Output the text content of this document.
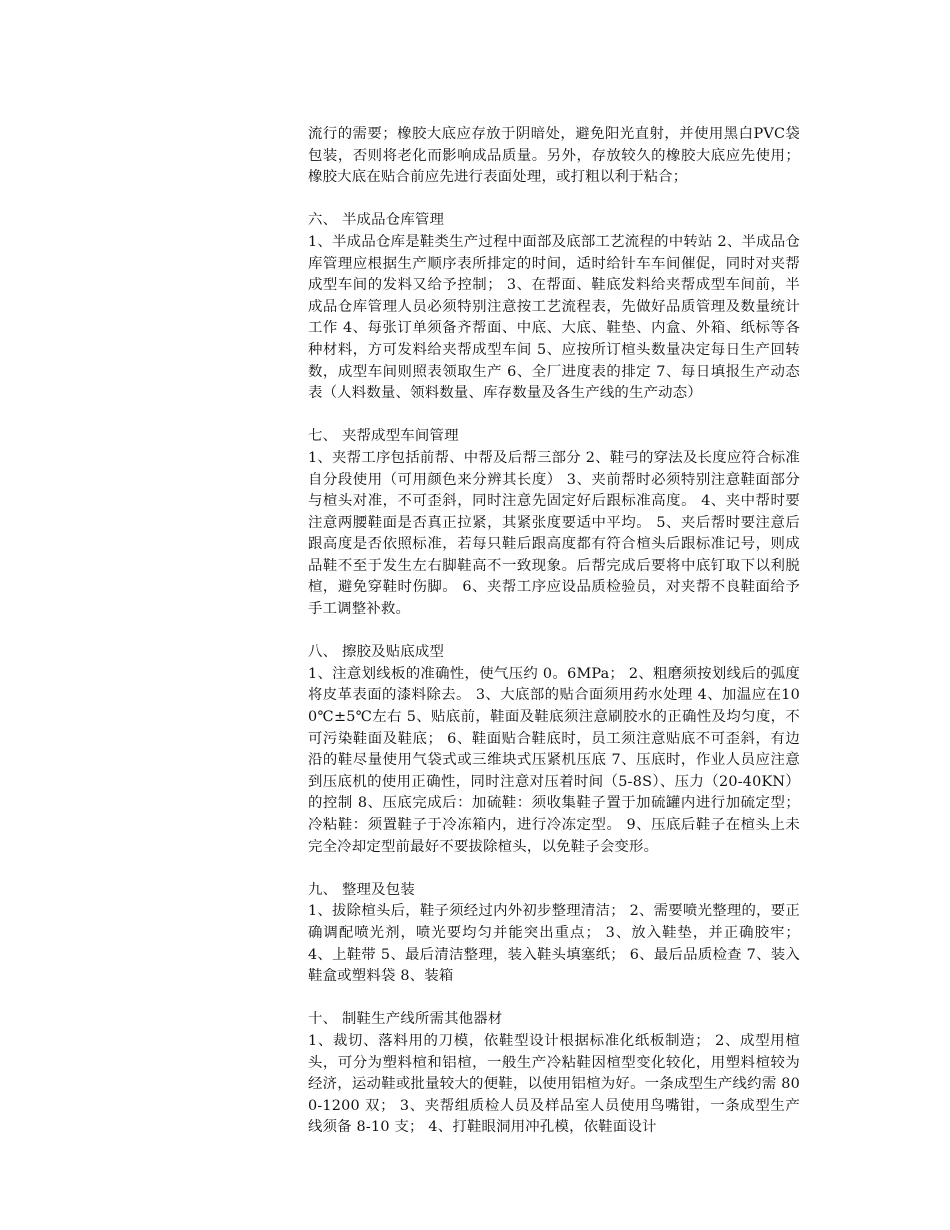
流行的需要；橡胶大底应存放于阴暗处，避免阳光直射，并使用黑白PVC袋包装，否则将老化而影响成品质量。另外，存放较久的橡胶大底应先使用；橡胶大底在贴合前应先进行表面处理，或打粗以利于粘合；

六、 半成品仓库管理

1、半成品仓库是鞋类生产过程中面部及底部工艺流程的中转站 2、半成品仓库管理应根据生产顺序表所排定的时间，适时给针车车间催促，同时对夹帮成型车间的发料又给予控制； 3、在帮面、鞋底发料给夹帮成型车间前，半成品仓库管理人员必须特别注意按工艺流程表，先做好品质管理及数量统计工作 4、每张订单须备齐帮面、中底、大底、鞋垫、内盒、外箱、纸标等各种材料，方可发料给夹帮成型车间 5、应按所订楦头数量决定每日生产回转数，成型车间则照表领取生产 6、全厂进度表的排定 7、每日填报生产动态表（人料数量、领料数量、库存数量及各生产线的生产动态）

七、 夹帮成型车间管理

1、夹帮工序包括前帮、中帮及后帮三部分 2、鞋弓的穿法及长度应符合标准自分段使用（可用颜色来分辨其长度） 3、夹前帮时必须特别注意鞋面部分与楦头对准，不可歪斜，同时注意先固定好后跟标准高度。 4、夹中帮时要注意两腰鞋面是否真正拉紧，其紧张度要适中平均。 5、夹后帮时要注意后跟高度是否依照标准，若每只鞋后跟高度都有符合楦头后跟标准记号，则成品鞋不至于发生左右脚鞋高不一致现象。后帮完成后要将中底钉取下以利脱楦，避免穿鞋时伤脚。 6、夹帮工序应设品质检验员，对夹帮不良鞋面给予手工调整补救。

八、 擦胶及贴底成型

1、注意划线板的准确性，使气压约 0。6MPa； 2、粗磨须按划线后的弧度将皮革表面的漆料除去。 3、大底部的贴合面须用药水处理 4、加温应在100℃±5℃左右 5、贴底前，鞋面及鞋底须注意刷胶水的正确性及均匀度，不可污染鞋面及鞋底； 6、鞋面贴合鞋底时，员工须注意贴底不可歪斜，有边沿的鞋尽量使用气袋式或三维块式压紧机压底 7、压底时，作业人员应注意到压底机的使用正确性，同时注意对压着时间（5-8S）、压力（20-40KN）的控制 8、压底完成后：加硫鞋：须收集鞋子置于加硫罐内进行加硫定型；冷粘鞋：须置鞋子于冷冻箱内，进行冷冻定型。 9、压底后鞋子在楦头上未完全冷却定型前最好不要拔除楦头，以免鞋子会变形。

九、 整理及包装

1、拔除楦头后，鞋子须经过内外初步整理清洁； 2、需要喷光整理的，要正确调配喷光剂，喷光要均匀并能突出重点； 3、放入鞋垫，并正确胶牢； 4、上鞋带 5、最后清洁整理，装入鞋头填塞纸； 6、最后品质检查 7、装入鞋盒或塑料袋 8、装箱

十、 制鞋生产线所需其他器材

1、裁切、落料用的刀模，依鞋型设计根据标准化纸板制造； 2、成型用楦头，可分为塑料楦和铝楦，一般生产冷粘鞋因楦型变化较化，用塑料楦较为经济，运动鞋或批量较大的便鞋，以使用铝楦为好。一条成型生产线约需 800-1200 双； 3、夹帮组质检人员及样品室人员使用鸟嘴钳，一条成型生产线须备 8-10 支； 4、打鞋眼洞用冲孔模，依鞋面设计
